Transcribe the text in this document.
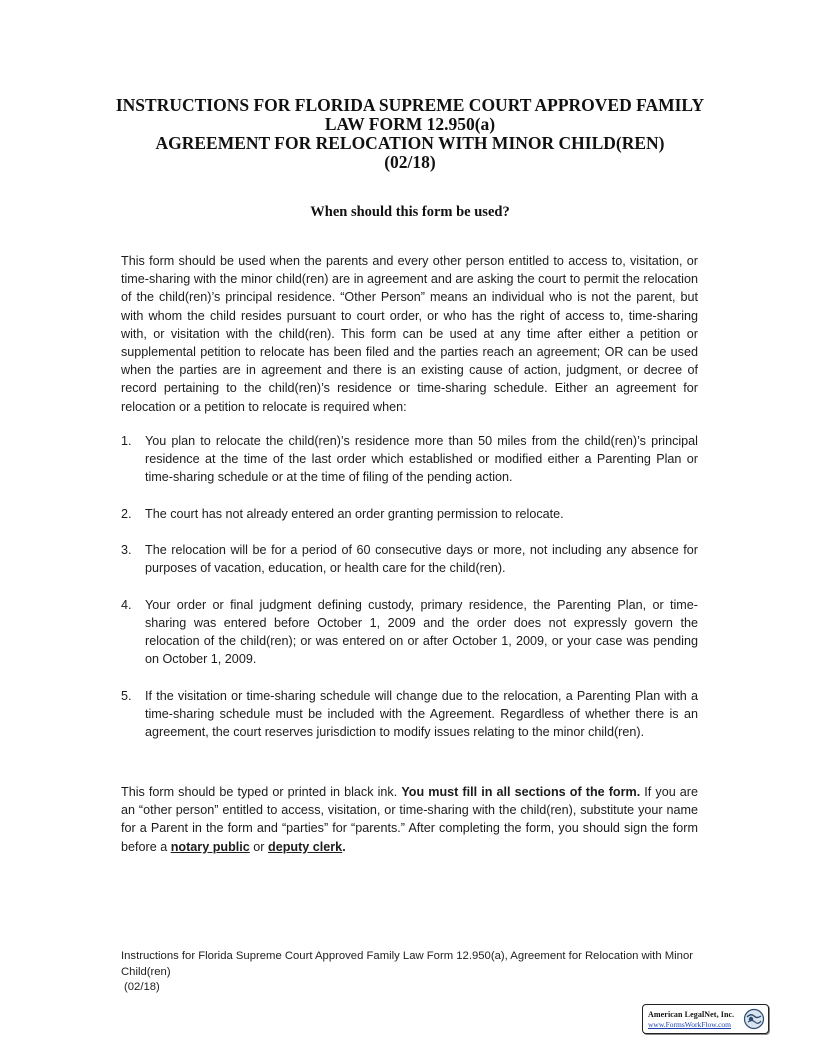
INSTRUCTIONS FOR FLORIDA SUPREME COURT APPROVED FAMILY
LAW FORM 12.950(a)
AGREEMENT FOR RELOCATION WITH MINOR CHILD(REN)
(02/18)
When should this form be used?

This form should be used when the parents and every other person entitled to access to, visitation, or time-sharing with the minor child(ren) are in agreement and are asking the court to permit the relocation of the child(ren)’s principal residence. “Other Person” means an individual who is not the parent, but with whom the child resides pursuant to court order, or who has the right of access to, time-sharing with, or visitation with the child(ren). This form can be used at any time after either a petition or supplemental petition to relocate has been filed and the parties reach an agreement; OR can be used when the parties are in agreement and there is an existing cause of action, judgment, or decree of record pertaining to the child(ren)’s residence or time-sharing schedule. Either an agreement for relocation or a petition to relocate is required when:

1. You plan to relocate the child(ren)’s residence more than 50 miles from the child(ren)’s principal residence at the time of the last order which established or modified either a Parenting Plan or time-sharing schedule or at the time of filing of the pending action.
2. The court has not already entered an order granting permission to relocate.
3. The relocation will be for a period of 60 consecutive days or more, not including any absence for purposes of vacation, education, or health care for the child(ren).
4. Your order or final judgment defining custody, primary residence, the Parenting Plan, or time-sharing was entered before October 1, 2009 and the order does not expressly govern the relocation of the child(ren); or was entered on or after October 1, 2009, or your case was pending on October 1, 2009.
5. If the visitation or time-sharing schedule will change due to the relocation, a Parenting Plan with a time-sharing schedule must be included with the Agreement. Regardless of whether there is an agreement, the court reserves jurisdiction to modify issues relating to the minor child(ren).

This form should be typed or printed in black ink. You must fill in all sections of the form. If you are an “other person” entitled to access, visitation, or time-sharing with the child(ren), substitute your name for a Parent in the form and “parties” for “parents.” After completing the form, you should sign the form before a notary public or deputy clerk.

Instructions for Florida Supreme Court Approved Family Law Form 12.950(a), Agreement for Relocation with Minor Child(ren)
(02/18)
American LegalNet, Inc.
www.FormsWorkFlow.com
